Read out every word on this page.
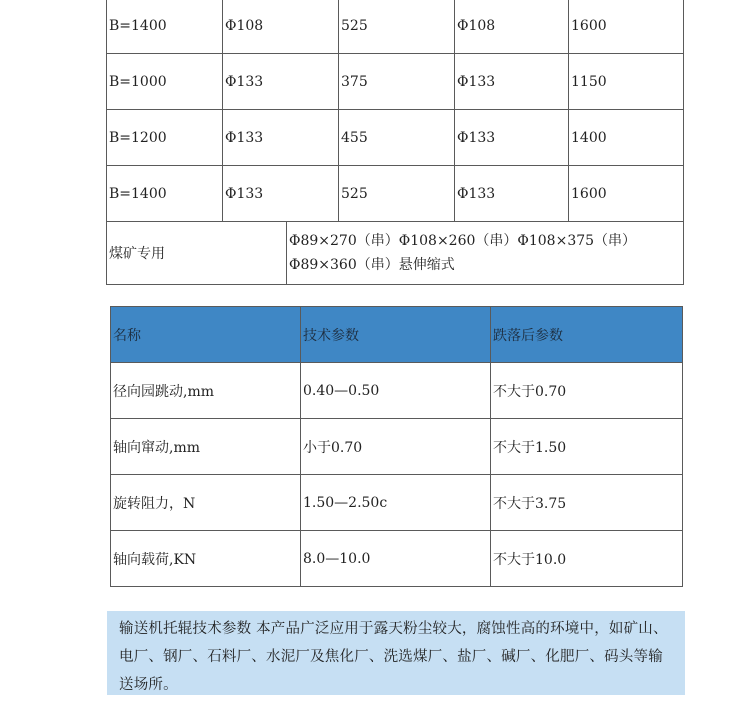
B=1400	Φ108		525	Φ108	1600
B=1000	Φ133		375	Φ133	1150
B=1200	Φ133		455	Φ133	1400
B=1400	Φ133		525	Φ133	1600
煤矿专用		Φ89×270（串）Φ108×260（串）Φ108×375（串）Φ89×360（串）悬伸缩式			
名称	技术参数	跌落后参数
径向园跳动,mm	0.40—0.50	不大于0.70
轴向窜动,mm	小于0.70	不大于1.50
旋转阻力，N	1.50—2.50c	不大于3.75
轴向载荷,KN	8.0—10.0	不大于10.0
输送机托辊技术参数 本产品广泛应用于露天粉尘较大，腐蚀性高的环境中，如矿山、电厂、钢厂、石料厂、水泥厂及焦化厂、洗选煤厂、盐厂、碱厂、化肥厂、码头等输送场所。
